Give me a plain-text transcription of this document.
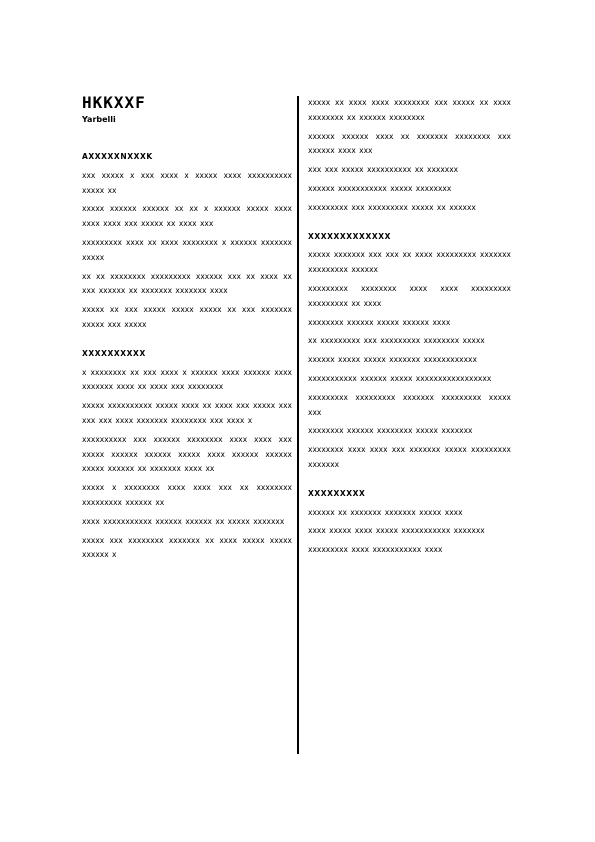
HKKXXF
Yarbelli
AXXXXXNXXXK
xxx xxxxx x xxx xxxx x xxxxx xxxx xxxxxxxxxx xxxxx xx
xxxxx xxxxxx xxxxxx xx xx x xxxxxx xxxxx xxxx xxxx xxxx xxx xxxxx xx xxxx xxx
xxxxxxxxx xxxx xx xxxx xxxxxxxx x xxxxxx xxxxxxx xxxxx
xx xx xxxxxxxx xxxxxxxxx xxxxxx xxx xx xxxx xx xxx xxxxxx xx xxxxxxx xxxxxxx xxxx
xxxxx xx xxx xxxxx xxxxx xxxxx xx xxx xxxxxxx xxxxx xxx xxxxx
XXXXXXXXXX
x xxxxxxxx xx xxx xxxx x xxxxxx xxxx xxxxxx xxxx xxxxxxx xxxx xx xxxx xxx xxxxxxxx
xxxxx xxxxxxxxxx xxxxx xxxx xx xxxx xxx xxxxx xxx xxx xxx xxxx xxxxxxx xxxxxxxx xxx xxxx x
xxxxxxxxxx xxx xxxxxx xxxxxxxx xxxx xxxx xxx xxxxx xxxxxx xxxxxx xxxxx xxxx xxxxxx xxxxxx xxxxx xxxxxx xx xxxxxxx xxxx xx
xxxxx x xxxxxxxx xxxx xxxx xxx xx xxxxxxxx xxxxxxxxx xxxxxx xx
xxxx xxxxxxxxxxx xxxxxx xxxxxx xx xxxxx xxxxxxx
xxxxx xxx xxxxxxxx xxxxxxx xx xxxx xxxxx xxxxx xxxxxx x
xxxxx xx xxxx xxxx xxxxxxxx xxx xxxxx xx xxxx xxxxxxxx xx xxxxxx xxxxxxxx
xxxxxx xxxxxx xxxx xx xxxxxxx xxxxxxxx xxx xxxxxx xxxx xxx
xxx xxx xxxxx xxxxxxxxxx xx xxxxxxx
xxxxxx xxxxxxxxxxx xxxxx xxxxxxxx
xxxxxxxxx xxx xxxxxxxxx xxxxx xx xxxxxx
XXXXXXXXXXXXX
xxxxx xxxxxxx xxx xxx xx xxxx xxxxxxxxx xxxxxxx xxxxxxxxx xxxxxx
xxxxxxxxx xxxxxxxx xxxx xxxx xxxxxxxxx xxxxxxxxx xx xxxx
xxxxxxxx xxxxxx xxxxx xxxxxx xxxx
xx xxxxxxxxx xxx xxxxxxxxx xxxxxxxx xxxxx
xxxxxx xxxxx xxxxx xxxxxxx xxxxxxxxxxxx
xxxxxxxxxxx xxxxxx xxxxx xxxxxxxxxxxxxxxxx
xxxxxxxxx xxxxxxxxx xxxxxxx xxxxxxxxx xxxxx xxx
xxxxxxxx xxxxxx xxxxxxxx xxxxx xxxxxxx
xxxxxxxx xxxx xxxx xxx xxxxxxx xxxxx xxxxxxxxx xxxxxxx
XXXXXXXXX
xxxxxx xx xxxxxxx xxxxxxx xxxxx xxxx
xxxx xxxxx xxxx xxxxx xxxxxxxxxxx xxxxxxx
xxxxxxxxx xxxx xxxxxxxxxxx xxxx
